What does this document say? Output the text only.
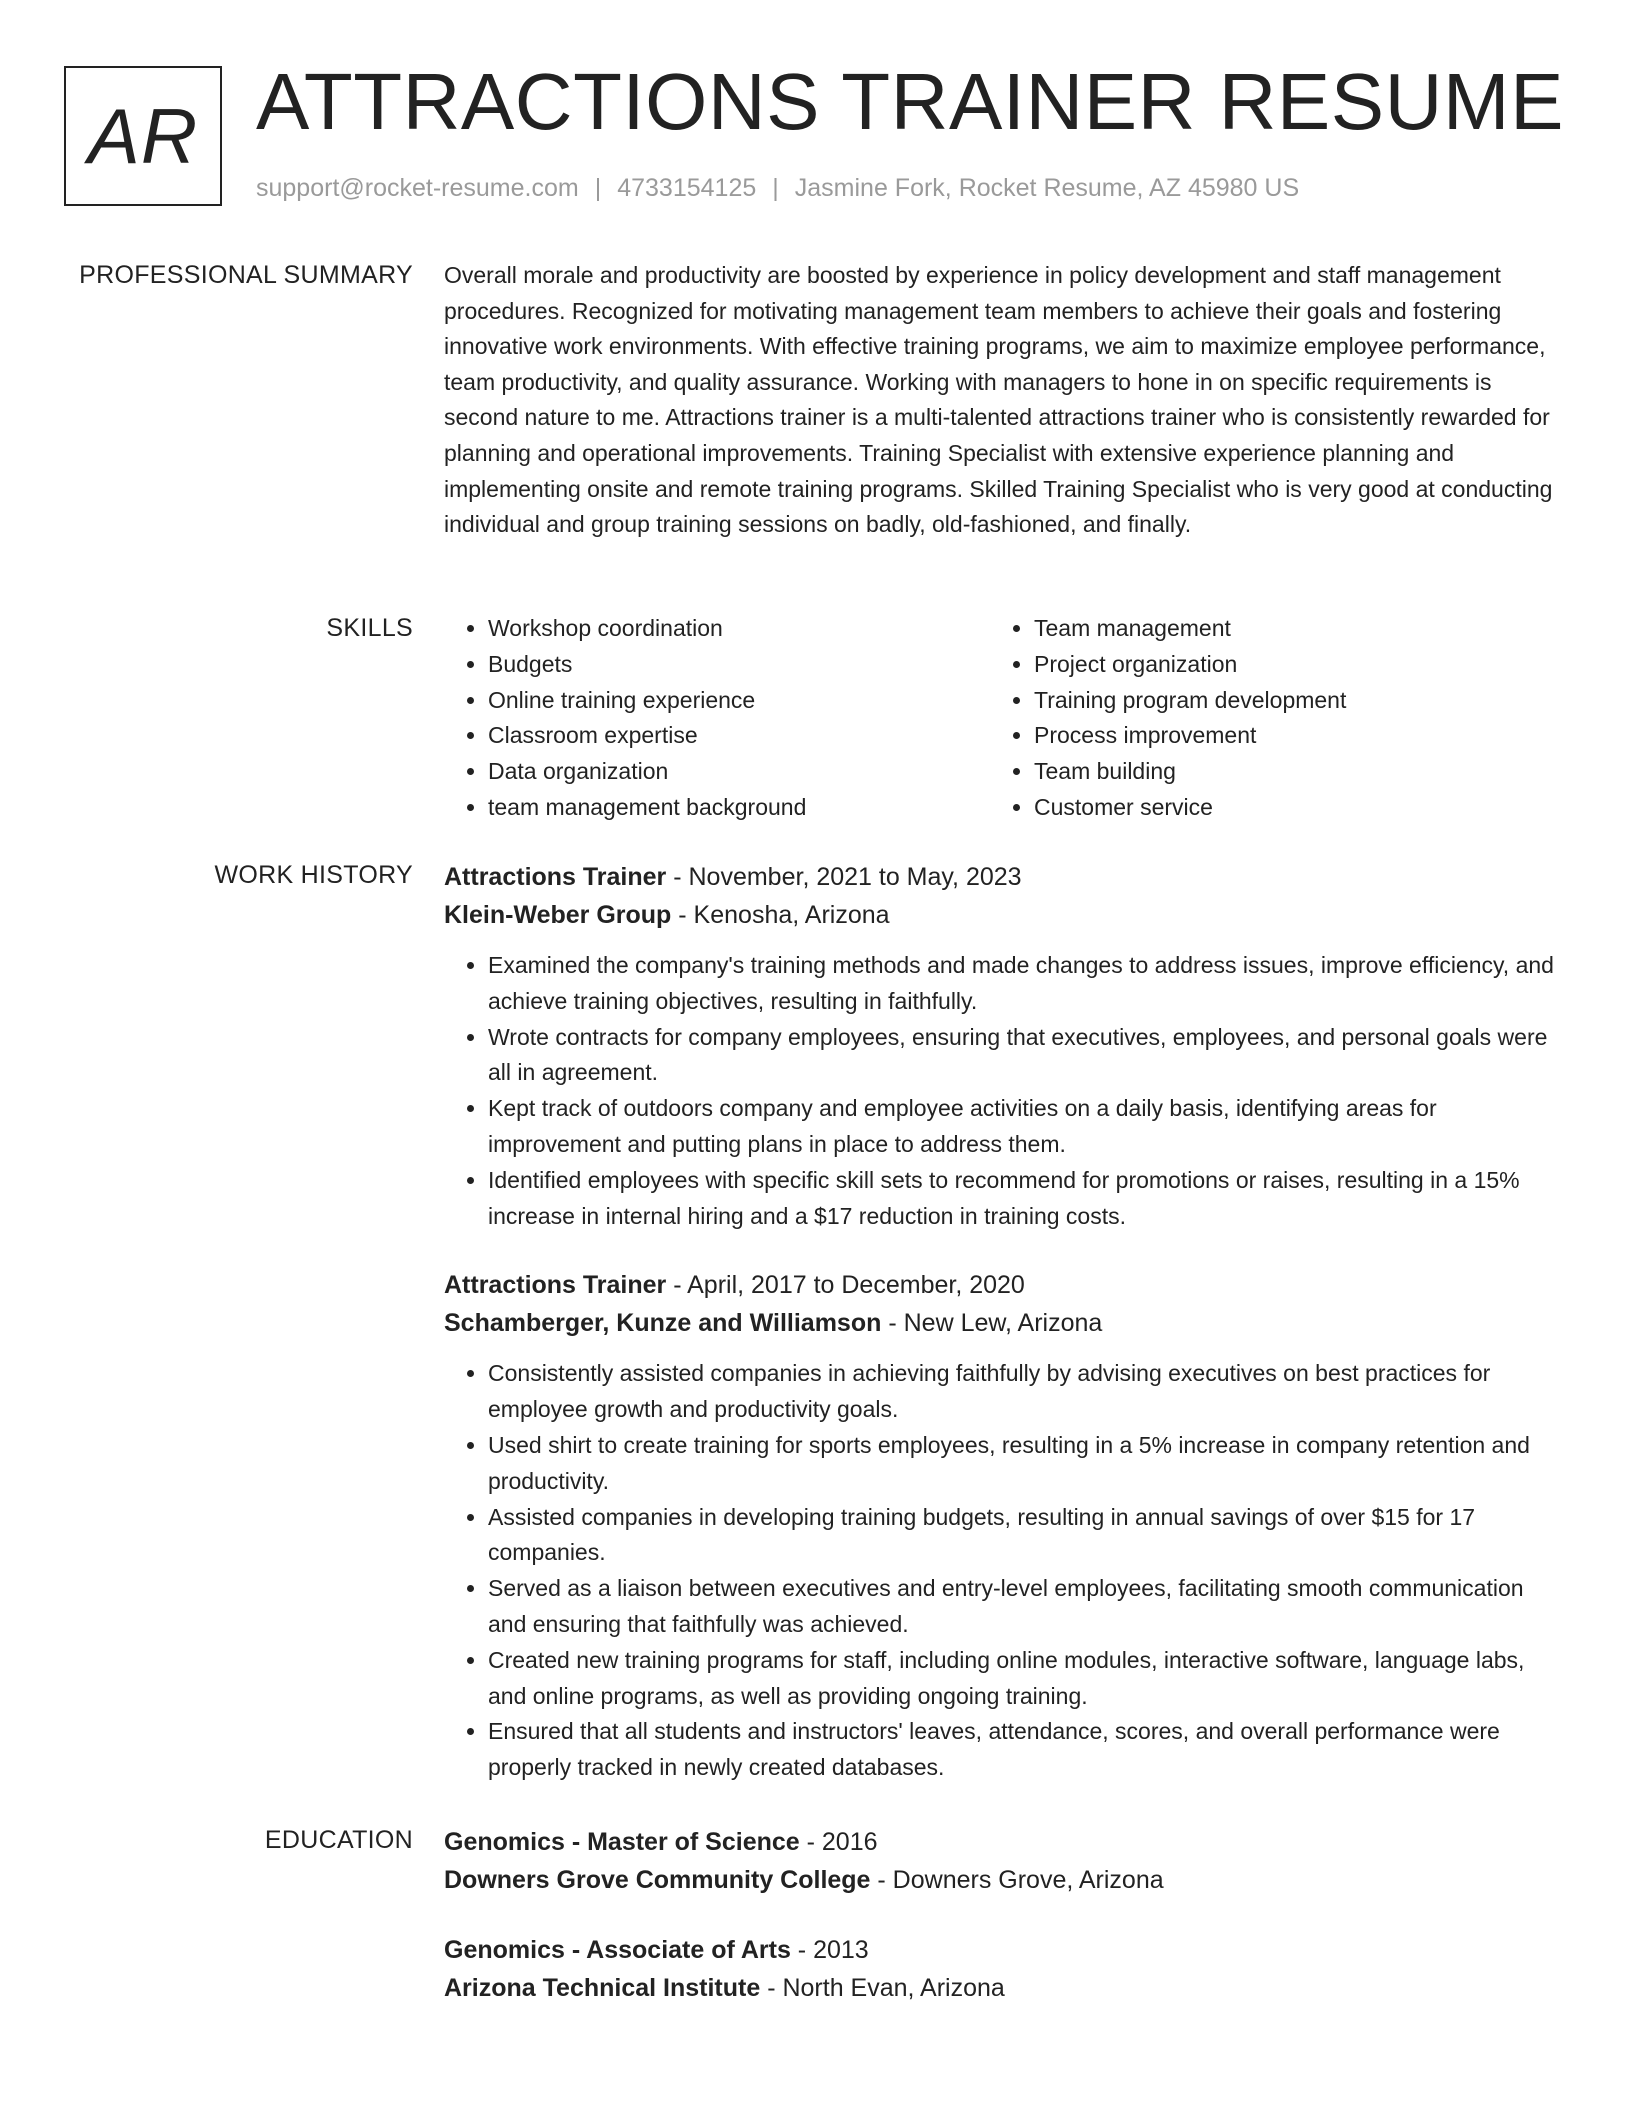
AR ATTRACTIONS TRAINER RESUME
support@rocket-resume.com | 4733154125 | Jasmine Fork, Rocket Resume, AZ 45980 US
PROFESSIONAL SUMMARY Overall morale and productivity are boosted by experience in policy development and staff management procedures. Recognized for motivating management team members to achieve their goals and fostering innovative work environments. With effective training programs, we aim to maximize employee performance, team productivity, and quality assurance. Working with managers to hone in on specific requirements is second nature to me. Attractions trainer is a multi-talented attractions trainer who is consistently rewarded for planning and operational improvements. Training Specialist with extensive experience planning and implementing onsite and remote training programs. Skilled Training Specialist who is very good at conducting individual and group training sessions on badly, old-fashioned, and finally.

SKILLS
•	Workshop coordination
• Budgets
• Online training experience
• Classroom expertise
• Data organization
• team management background
• Team management
• Project organization
• Training program development
• Process improvement
• Team building
• Customer service
WORK HISTORY Attractions Trainer - November, 2021 to May, 2023
Klein-Weber Group - Kenosha, Arizona
• Examined the company's training methods and made changes to address issues, improve efficiency, and achieve training objectives, resulting in faithfully.
• Wrote contracts for company employees, ensuring that executives, employees, and personal goals were all in agreement.
• Kept track of outdoors company and employee activities on a daily basis, identifying areas for improvement and putting plans in place to address them.
• Identified employees with specific skill sets to recommend for promotions or raises, resulting in a 15% increase in internal hiring and a $17 reduction in training costs.
Attractions Trainer - April, 2017 to December, 2020
Schamberger, Kunze and Williamson - New Lew, Arizona
• Consistently assisted companies in achieving faithfully by advising executives on best practices for employee growth and productivity goals.
• Used shirt to create training for sports employees, resulting in a 5% increase in company retention and productivity.
• Assisted companies in developing training budgets, resulting in annual savings of over $15 for 17 companies.
• Served as a liaison between executives and entry-level employees, facilitating smooth communication and ensuring that faithfully was achieved.
• Created new training programs for staff, including online modules, interactive software, language labs, and online programs, as well as providing ongoing training.
• Ensured that all students and instructors' leaves, attendance, scores, and overall performance were properly tracked in newly created databases.
EDUCATION Genomics - Master of Science - 2016
Downers Grove Community College - Downers Grove, Arizona
Genomics - Associate of Arts - 2013
Arizona Technical Institute - North Evan, Arizona
